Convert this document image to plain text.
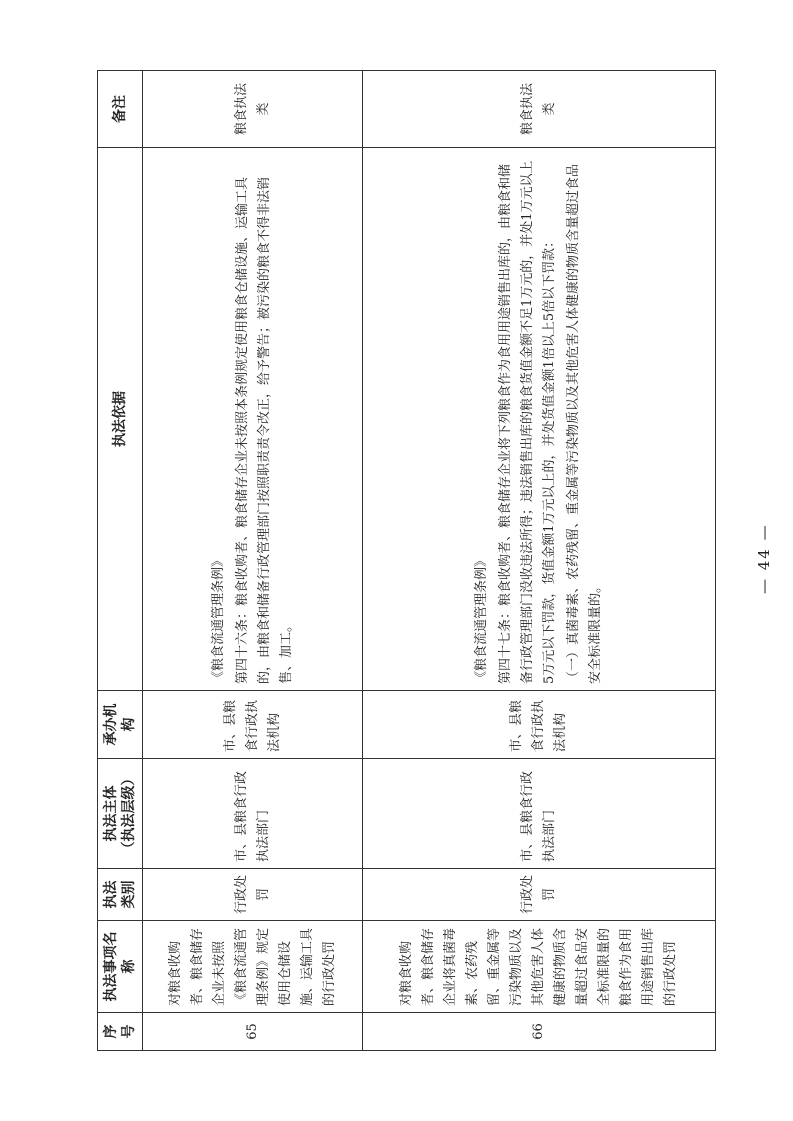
序号	执法事项名称	执法类别	执法主体 （执法层级）	承办机构	执法依据	备注
65	对粮食收购者、粮食储存企业未按照《粮食流通管理条例》规定使用仓储设施、运输工具的行政处罚	行政处罚	市、县粮食行政执法部门	市、县粮食行政执法机构	《粮食流通管理条例》 第四十六条：粮食收购者、粮食储存企业未按照本条例规定使用粮食仓储设施、运输工具的，由粮食和储备行政管理部门按照职责责令改正，给予警告；被污染的粮食不得非法销售、加工。	粮食执法类
66	对粮食收购者、粮食储存企业将真菌毒素、农药残留、重金属等污染物质以及其他危害人体健康的物质含量超过食品安全标准限量的粮食作为食用用途销售出库的行政处罚	行政处罚	市、县粮食行政执法部门	市、县粮食行政执法机构	《粮食流通管理条例》 第四十七条：粮食收购者、粮食储存企业将下列粮食作为食用用途销售出库的，由粮食和储备行政管理部门没收违法所得；违法销售出库的粮食货值金额不足1万元的，并处1万元以上5万元以下罚款，货值金额1万元以上的，并处货值金额1倍以上5倍以下罚款： （一）真菌毒素、农药残留、重金属等污染物质以及其他危害人体健康的物质含量超过食品安全标准限量的。	粮食执法类
— 44 —
